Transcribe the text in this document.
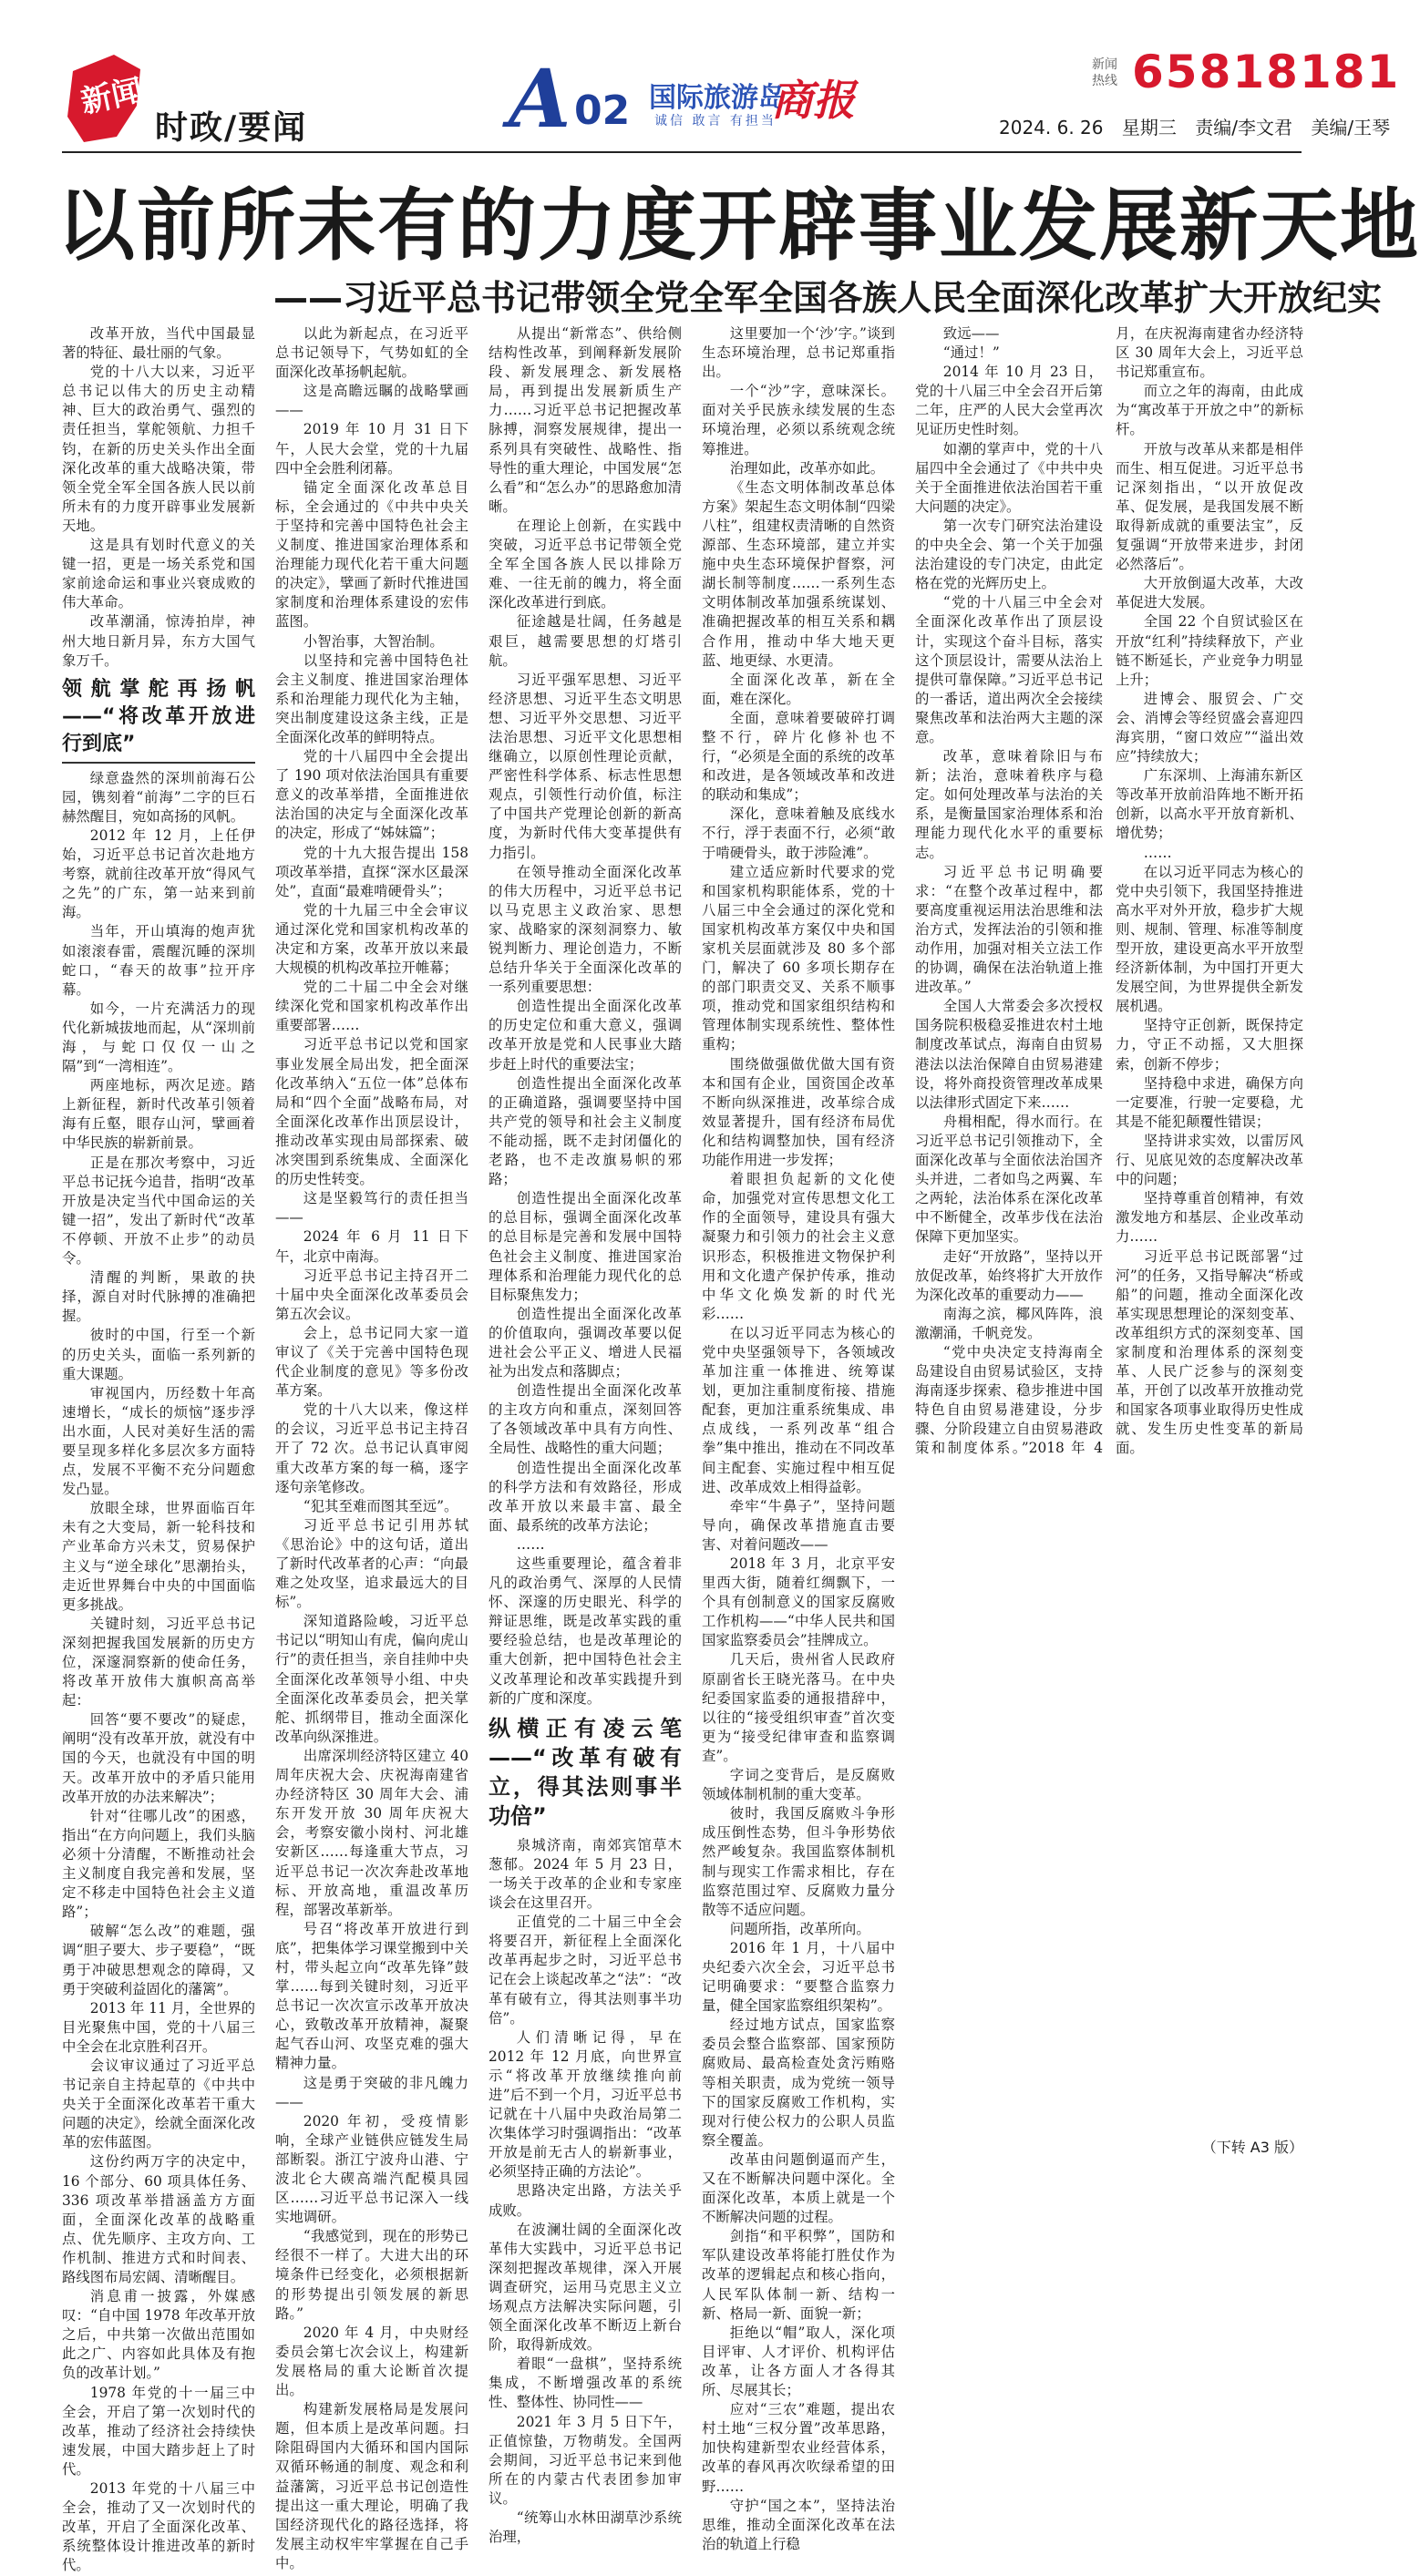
新闻
时政/要闻	A 02 国际旅游岛
商报
诚信 敢言 有担当
新闻热线 65818181
2024. 6. 26 星期三 责编/李文君 美编/王琴
以前所未有的力度开辟事业发展新天地
——习近平总书记带领全党全军全国各族人民全面深化改革扩大开放纪实

改革开放，当代中国最显著的特征、最壮丽的气象。

党的十八大以来，习近平总书记以伟大的历史主动精神、巨大的政治勇气、强烈的责任担当，掌舵领航、力担千钧，在新的历史关头作出全面深化改革的重大战略决策，带领全党全军全国各族人民以前所未有的力度开辟事业发展新天地。

这是具有划时代意义的关键一招，更是一场关系党和国家前途命运和事业兴衰成败的伟大革命。

改革潮涌，惊涛拍岸，神州大地日新月异，东方大国气象万千。

领航掌舵再扬帆——“将改革开放进行到底”

绿意盎然的深圳前海石公园，镌刻着“前海”二字的巨石赫然醒目，宛如高扬的风帆。

2012 年 12 月，上任伊始，习近平总书记首次赴地方考察，就前往改革开放“得风气之先”的广东，第一站来到前海。

当年，开山填海的炮声犹如滚滚春雷，震醒沉睡的深圳蛇口，“春天的故事”拉开序幕。

如今，一片充满活力的现代化新城拔地而起，从“深圳前海，与蛇口仅仅一山之隔”到“一湾相连”。

两座地标，两次足迹。踏上新征程，新时代改革引领着海有丘壑，眼存山河，擘画着中华民族的崭新前景。

正是在那次考察中，习近平总书记抚今追昔，指明“改革开放是决定当代中国命运的关键一招”，发出了新时代“改革不停顿、开放不止步”的动员令。

清醒的判断，果敢的抉择，源自对时代脉搏的准确把握。

彼时的中国，行至一个新的历史关头，面临一系列新的重大课题。

审视国内，历经数十年高速增长，“成长的烦恼”逐步浮出水面，人民对美好生活的需要呈现多样化多层次多方面特点，发展不平衡不充分问题愈发凸显。

放眼全球，世界面临百年未有之大变局，新一轮科技和产业革命方兴未艾，贸易保护主义与“逆全球化”思潮抬头，走近世界舞台中央的中国面临更多挑战。

关键时刻，习近平总书记深刻把握我国发展新的历史方位，深邃洞察新的使命任务，将改革开放伟大旗帜高高举起：

回答“要不要改”的疑虑，阐明“没有改革开放，就没有中国的今天，也就没有中国的明天。改革开放中的矛盾只能用改革开放的办法来解决”；

针对“往哪儿改”的困惑，指出“在方向问题上，我们头脑必须十分清醒，不断推动社会主义制度自我完善和发展，坚定不移走中国特色社会主义道路”；

破解“怎么改”的难题，强调“胆子要大、步子要稳”，“既勇于冲破思想观念的障碍，又勇于突破利益固化的藩篱”。

2013 年 11 月，全世界的目光聚焦中国，党的十八届三中全会在北京胜利召开。

会议审议通过了习近平总书记亲自主持起草的《中共中央关于全面深化改革若干重大问题的决定》，绘就全面深化改革的宏伟蓝图。

这份约两万字的决定中，16 个部分、60 项具体任务、336 项改革举措涵盖方方面面，全面深化改革的战略重点、优先顺序、主攻方向、工作机制、推进方式和时间表、路线图布局宏阔、清晰醒目。

消息甫一披露，外媒感叹：“自中国 1978 年改革开放之后，中共第一次做出范围如此之广、内容如此具体及有抱负的改革计划。”

1978 年党的十一届三中全会，开启了第一次划时代的改革，推动了经济社会持续快速发展，中国大踏步赶上了时代。

2013 年党的十八届三中全会，推动了又一次划时代的改革，开启了全面深化改革、系统整体设计推进改革的新时代。

以此为新起点，在习近平总书记领导下，气势如虹的全面深化改革扬帆起航。

这是高瞻远瞩的战略擘画——

2019 年 10 月 31 日下午，人民大会堂，党的十九届四中全会胜利闭幕。

锚定全面深化改革总目标，全会通过的《中共中央关于坚持和完善中国特色社会主义制度、推进国家治理体系和治理能力现代化若干重大问题的决定》，擘画了新时代推进国家制度和治理体系建设的宏伟蓝图。

小智治事，大智治制。

以坚持和完善中国特色社会主义制度、推进国家治理体系和治理能力现代化为主轴，突出制度建设这条主线，正是全面深化改革的鲜明特点。

党的十八届四中全会提出了 190 项对依法治国具有重要意义的改革举措，全面推进依法治国的决定与全面深化改革的决定，形成了“姊妹篇”；

党的十九大报告提出 158 项改革举措，直探“深水区最深处”，直面“最难啃硬骨头”；

党的十九届三中全会审议通过深化党和国家机构改革的决定和方案，改革开放以来最大规模的机构改革拉开帷幕；

党的二十届二中全会对继续深化党和国家机构改革作出重要部署……

习近平总书记以党和国家事业发展全局出发，把全面深化改革纳入“五位一体”总体布局和“四个全面”战略布局，对全面深化改革作出顶层设计，推动改革实现由局部探索、破冰突围到系统集成、全面深化的历史性转变。

这是坚毅笃行的责任担当——

2024 年 6 月 11 日下午，北京中南海。

习近平总书记主持召开二十届中央全面深化改革委员会第五次会议。

会上，总书记同大家一道审议了《关于完善中国特色现代企业制度的意见》等多份改革方案。

党的十八大以来，像这样的会议，习近平总书记主持召开了 72 次。总书记认真审阅重大改革方案的每一稿，逐字逐句亲笔修改。

“犯其至难而图其至远”。

习近平总书记引用苏轼《思治论》中的这句话，道出了新时代改革者的心声：“向最难之处攻坚，追求最远大的目标”。

深知道路险峻，习近平总书记以“明知山有虎，偏向虎山行”的责任担当，亲自挂帅中央全面深化改革领导小组、中央全面深化改革委员会，把关掌舵、抓纲带目，推动全面深化改革向纵深推进。

出席深圳经济特区建立 40 周年庆祝大会、庆祝海南建省办经济特区 30 周年大会、浦东开发开放 30 周年庆祝大会，考察安徽小岗村、河北雄安新区……每逢重大节点，习近平总书记一次次奔赴改革地标、开放高地，重温改革历程，部署改革新举。

号召“将改革开放进行到底”，把集体学习课堂搬到中关村，带头起立向“改革先锋”鼓掌……每到关键时刻，习近平总书记一次次宣示改革开放决心，致敬改革开放精神，凝聚起气吞山河、攻坚克难的强大精神力量。

这是勇于突破的非凡魄力——

2020 年初，受疫情影响，全球产业链供应链发生局部断裂。浙江宁波舟山港、宁波北仑大碶高端汽配模具园区……习近平总书记深入一线实地调研。

“我感觉到，现在的形势已经很不一样了。大进大出的环境条件已经变化，必须根据新的形势提出引领发展的新思路。”

2020 年 4 月，中央财经委员会第七次会议上，构建新发展格局的重大论断首次提出。

构建新发展格局是发展问题，但本质上是改革问题。扫除阻碍国内大循环和国内国际双循环畅通的制度、观念和利益藩篱，习近平总书记创造性提出这一重大理论，明确了我国经济现代化的路径选择，将发展主动权牢牢掌握在自己手中。

从提出“新常态”、供给侧结构性改革，到阐释新发展阶段、新发展理念、新发展格局，再到提出发展新质生产力……习近平总书记把握改革脉搏，洞察发展规律，提出一系列具有突破性、战略性、指导性的重大理论，中国发展“怎么看”和“怎么办”的思路愈加清晰。

在理论上创新，在实践中突破，习近平总书记带领全党全军全国各族人民以排除万难、一往无前的魄力，将全面深化改革进行到底。

征途越是壮阔，任务越是艰巨，越需要思想的灯塔引航。

习近平强军思想、习近平经济思想、习近平生态文明思想、习近平外交思想、习近平法治思想、习近平文化思想相继确立，以原创性理论贡献，严密性科学体系、标志性思想观点，引领性行动价值，标注了中国共产党理论创新的新高度，为新时代伟大变革提供有力指引。

在领导推动全面深化改革的伟大历程中，习近平总书记以马克思主义政治家、思想家、战略家的深刻洞察力、敏锐判断力、理论创造力，不断总结升华关于全面深化改革的一系列重要思想：

创造性提出全面深化改革的历史定位和重大意义，强调改革开放是党和人民事业大踏步赶上时代的重要法宝；

创造性提出全面深化改革的正确道路，强调要坚持中国共产党的领导和社会主义制度不能动摇，既不走封闭僵化的老路，也不走改旗易帜的邪路；

创造性提出全面深化改革的总目标，强调全面深化改革的总目标是完善和发展中国特色社会主义制度、推进国家治理体系和治理能力现代化的总目标聚焦发力；

创造性提出全面深化改革的价值取向，强调改革要以促进社会公平正义、增进人民福祉为出发点和落脚点；

创造性提出全面深化改革的主攻方向和重点，深刻回答了各领域改革中具有方向性、全局性、战略性的重大问题；

创造性提出全面深化改革的科学方法和有效路径，形成改革开放以来最丰富、最全面、最系统的改革方法论；

……

这些重要理论，蕴含着非凡的政治勇气、深厚的人民情怀、深邃的历史眼光、科学的辩证思维，既是改革实践的重要经验总结，也是改革理论的重大创新，把中国特色社会主义改革理论和改革实践提升到新的广度和深度。

纵横正有凌云笔——“改革有破有立，得其法则事半功倍”

泉城济南，南郊宾馆草木葱郁。2024 年 5 月 23 日，一场关于改革的企业和专家座谈会在这里召开。

正值党的二十届三中全会将要召开，新征程上全面深化改革再起步之时，习近平总书记在会上谈起改革之“法”：“改革有破有立，得其法则事半功倍”。

人们清晰记得，早在 2012 年 12 月底，向世界宣示“将改革开放继续推向前进”后不到一个月，习近平总书记就在十八届中央政治局第二次集体学习时强调指出：“改革开放是前无古人的崭新事业，必须坚持正确的方法论”。

思路决定出路，方法关乎成败。

在波澜壮阔的全面深化改革伟大实践中，习近平总书记深刻把握改革规律，深入开展调查研究，运用马克思主义立场观点方法解决实际问题，引领全面深化改革不断迈上新台阶，取得新成效。

着眼“一盘棋”，坚持系统集成，不断增强改革的系统性、整体性、协同性——

2021 年 3 月 5 日下午，正值惊蛰，万物萌发。全国两会期间，习近平总书记来到他所在的内蒙古代表团参加审议。

“统筹山水林田湖草沙系统治理，

这里要加一个‘沙’字。”谈到生态环境治理，总书记郑重指出。

一个“沙”字，意味深长。面对关乎民族永续发展的生态环境治理，必须以系统观念统筹推进。

治理如此，改革亦如此。

《生态文明体制改革总体方案》架起生态文明体制“四梁八柱”，组建权责清晰的自然资源部、生态环境部，建立并实施中央生态环境保护督察，河湖长制等制度……一系列生态文明体制改革加强系统谋划、准确把握改革的相互关系和耦合作用，推动中华大地天更蓝、地更绿、水更清。

全面深化改革，新在全面，难在深化。

全面，意味着要破碎打调整不行，碎片化修补也不行，“必须是全面的系统的改革和改进，是各领域改革和改进的联动和集成”；

深化，意味着触及底线水不行，浮于表面不行，必须“敢于啃硬骨头，敢于涉险滩”。

建立适应新时代要求的党和国家机构职能体系，党的十八届三中全会通过的深化党和国家机构改革方案仅中央和国家机关层面就涉及 80 多个部门，解决了 60 多项长期存在的部门职责交叉、关系不顺事项，推动党和国家组织结构和管理体制实现系统性、整体性重构；

围绕做强做优做大国有资本和国有企业，国资国企改革不断向纵深推进，改革综合成效显著提升，国有经济布局优化和结构调整加快，国有经济功能作用进一步发挥；

着眼担负起新的文化使命，加强党对宣传思想文化工作的全面领导，建设具有强大凝聚力和引领力的社会主义意识形态，积极推进文物保护利用和文化遗产保护传承，推动中华文化焕发新的时代光彩……

在以习近平同志为核心的党中央坚强领导下，各领域改革加注重一体推进、统筹谋划，更加注重制度衔接、措施配套，更加注重系统集成、串点成线，一系列改革“组合拳”集中推出，推动在不同改革间主配套、实施过程中相互促进、改革成效上相得益彰。

牵牢“牛鼻子”，坚持问题导向，确保改革措施直击要害、对着问题改——

2018 年 3 月，北京平安里西大街，随着红绸飘下，一个具有创制意义的国家反腐败工作机构——“中华人民共和国国家监察委员会”挂牌成立。

几天后，贵州省人民政府原副省长王晓光落马。在中央纪委国家监委的通报措辞中，以往的“接受组织审查”首次变更为“接受纪律审查和监察调查”。

字词之变背后，是反腐败领域体制机制的重大变革。

彼时，我国反腐败斗争形成压倒性态势，但斗争形势依然严峻复杂。我国监察体制机制与现实工作需求相比，存在监察范围过窄、反腐败力量分散等不适应问题。

问题所指，改革所向。

2016 年 1 月，十八届中央纪委六次全会，习近平总书记明确要求：“要整合监察力量，健全国家监察组织架构”。

经过地方试点，国家监察委员会整合监察部、国家预防腐败局、最高检查处贪污贿赂等相关职责，成为党统一领导下的国家反腐败工作机构，实现对行使公权力的公职人员监察全覆盖。

改革由问题倒逼而产生，又在不断解决问题中深化。全面深化改革，本质上就是一个不断解决问题的过程。

剑指“和平积弊”，国防和军队建设改革将能打胜仗作为改革的逻辑起点和核心指向，人民军队体制一新、结构一新、格局一新、面貌一新；

拒绝以“帽”取人，深化项目评审、人才评价、机构评估改革，让各方面人才各得其所、尽展其长；

应对“三农”难题，提出农村土地“三权分置”改革思路，加快构建新型农业经营体系，改革的春风再次吹绿希望的田野……

守护“国之本”，坚持法治思维，推动全面深化改革在法治的轨道上行稳

致远——

“通过！”

2014 年 10 月 23 日，党的十八届三中全会召开后第二年，庄严的人民大会堂再次见证历史性时刻。

如潮的掌声中，党的十八届四中全会通过了《中共中央关于全面推进依法治国若干重大问题的决定》。

第一次专门研究法治建设的中央全会、第一个关于加强法治建设的专门决定，由此定格在党的光辉历史上。

“党的十八届三中全会对全面深化改革作出了顶层设计，实现这个奋斗目标，落实这个顶层设计，需要从法治上提供可靠保障。”习近平总书记的一番话，道出两次全会接续聚焦改革和法治两大主题的深意。

改革，意味着除旧与布新；法治，意味着秩序与稳定。如何处理改革与法治的关系，是衡量国家治理体系和治理能力现代化水平的重要标志。

习近平总书记明确要求：“在整个改革过程中，都要高度重视运用法治思维和法治方式，发挥法治的引领和推动作用，加强对相关立法工作的协调，确保在法治轨道上推进改革。”

全国人大常委会多次授权国务院积极稳妥推进农村土地制度改革试点，海南自由贸易港法以法治保障自由贸易港建设，将外商投资管理改革成果以法律形式固定下来……

舟楫相配，得水而行。在习近平总书记引领推动下，全面深化改革与全面依法治国齐头并进，二者如鸟之两翼、车之两轮，法治体系在深化改革中不断健全，改革步伐在法治保障下更加坚实。

走好“开放路”，坚持以开放促改革，始终将扩大开放作为深化改革的重要动力——

南海之滨，椰风阵阵，浪激潮涌，千帆竞发。

“党中央决定支持海南全岛建设自由贸易试验区，支持海南逐步探索、稳步推进中国特色自由贸易港建设，分步骤、分阶段建立自由贸易港政策和制度体系。”2018 年 4 月，在庆祝海南建省办经济特区 30 周年大会上，习近平总书记郑重宣布。

而立之年的海南，由此成为“寓改革于开放之中”的新标杆。

开放与改革从来都是相伴而生、相互促进。习近平总书记深刻指出，“以开放促改革、促发展，是我国发展不断取得新成就的重要法宝”，反复强调“开放带来进步，封闭必然落后”。

大开放倒逼大改革，大改革促进大发展。

全国 22 个自贸试验区在开放“红利”持续释放下，产业链不断延长，产业竞争力明显上升；

进博会、服贸会、广交会、消博会等经贸盛会喜迎四海宾朋，“窗口效应”“溢出效应”持续放大；

广东深圳、上海浦东新区等改革开放前沿阵地不断开拓创新，以高水平开放育新机、增优势；

……

在以习近平同志为核心的党中央引领下，我国坚持推进高水平对外开放，稳步扩大规则、规制、管理、标准等制度型开放，建设更高水平开放型经济新体制，为中国打开更大发展空间，为世界提供全新发展机遇。

坚持守正创新，既保持定力，守正不动摇，又大胆探索，创新不停步；

坚持稳中求进，确保方向一定要准，行驶一定要稳，尤其是不能犯颠覆性错误；

坚持讲求实效，以雷厉风行、见底见效的态度解决改革中的问题；

坚持尊重首创精神，有效激发地方和基层、企业改革动力……

习近平总书记既部署“过河”的任务，又指导解决“桥或船”的问题，推动全面深化改革实现思想理论的深刻变革、改革组织方式的深刻变革、国家制度和治理体系的深刻变革、人民广泛参与的深刻变革，开创了以改革开放推动党和国家各项事业取得历史性成就、发生历史性变革的新局面。

（下转 A3 版）
